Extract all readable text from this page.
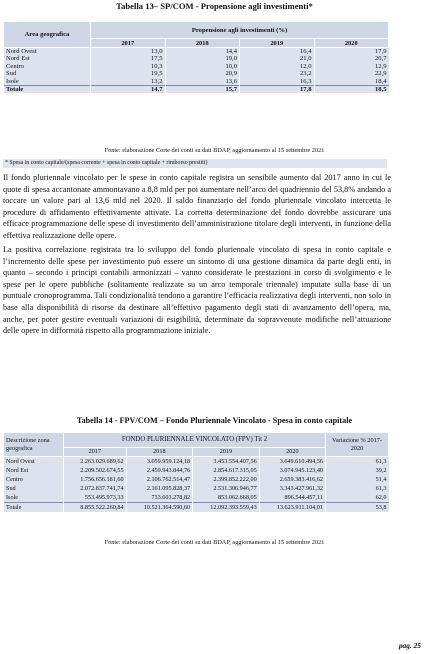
Tabella 13– SP/COM - Propensione agli investimenti*
Area geografica	Propensione agli investimenti (%)			
	2017	2018	2019	2020
Nord Ovest	13,0	14,4	16,4	17,9
Nord Est	17,5	19,0	21,0	20,7
Centro	10,3	10,0	12,0	12,9
Sud	19,5	20,9	23,2	22,9
Isole	13,2	13,6	16,3	18,4
Totale	14,7	15,7	17,8	18,5
Fonte: elaborazione Corte dei conti su dati BDAP, aggiornamento al 15 settembre 2021
* Spesa in conto capitale/(spesa corrente + spesa in conto capitale + rimborso prestiti)

Il fondo pluriennale vincolato per le spese in conto capitale registra un sensibile aumento dal 2017 anno in cui le quote di spesa accantonate ammontavano a 8,8 mld per poi aumentare nell’arco del quadriennio del 53,8% andando a toccare un valore pari al 13,6 mld nel 2020. Il saldo finanziario del fondo pluriennale vincolato intercetta le procedure di affidamento effettivamente attivate. La corretta determinazione del fondo dovrebbe assicurare una efficace programmazione delle spese di investimento dell’amministrazione titolare degli interventi, in funzione della effettiva realizzazione delle opere.

La positiva correlazione registrata tra lo sviluppo del fondo pluriennale vincolato di spesa in conto capitale e l’incremento delle spese per investimento può essere un sintomo di una gestione dinamica da parte degli enti, in quanto – secondo i principi contabili armonizzati – vanno considerate le prestazioni in corso di svolgimento e le spese per le opere pubbliche (solitamente realizzate su un arco temporale triennale) imputate sulla base di un puntuale cronoprogramma. Tali condizionalità tendono a garantire l’efficacia realizzativa degli interventi, non solo in base alla disponibilità di risorse da destinare all’effettivo pagamento degli stati di avanzamento dell’opera, ma, anche, per poter gestire eventuali variazioni di esigibilità, determinate da sopravvenute modifiche nell’attuazione delle opere in difformità rispetto alla programmazione iniziale.

Tabella 14 - FPV/COM – Fondo Pluriennale Vincolato - Spesa in conto capitale
Descrizione zona geografica	FONDO PLURIENNALE VINCOLATO (FPV) Tit 2				Variazione % 2017- 2020
	2017	2018	2019	2020	
Nord Ovest	2.263.029.689,62	3.059.959.124,18	3.453.554.407,56	3.649.610.494,56	61,3
Nord Est	2.209.502.674,55	2.459.943.844,76	2.854.617.315,05	3.074.945.123,40	39,2
Centro	1.756.656.181,60	2.106.762.514,47	2.399.852.222,00	2.659.383.416,62	51,4
Sud	2.072.837.741,74	2.161.095.828,37	2.531.306.946,77	3.343.427.961,32	61,3
Isole	553.495.973,33	733.603.278,82	853.062.668,05	896.544.457,11	62,0
Totale	8.855.522.260,84	10.521.364.590,60	12.092.393.559,43	13.623.911.104,01	53,8
Fonte: elaborazione Corte dei conti su dati BDAP, aggiornamento al 15 settembre 2021
pag. 25
